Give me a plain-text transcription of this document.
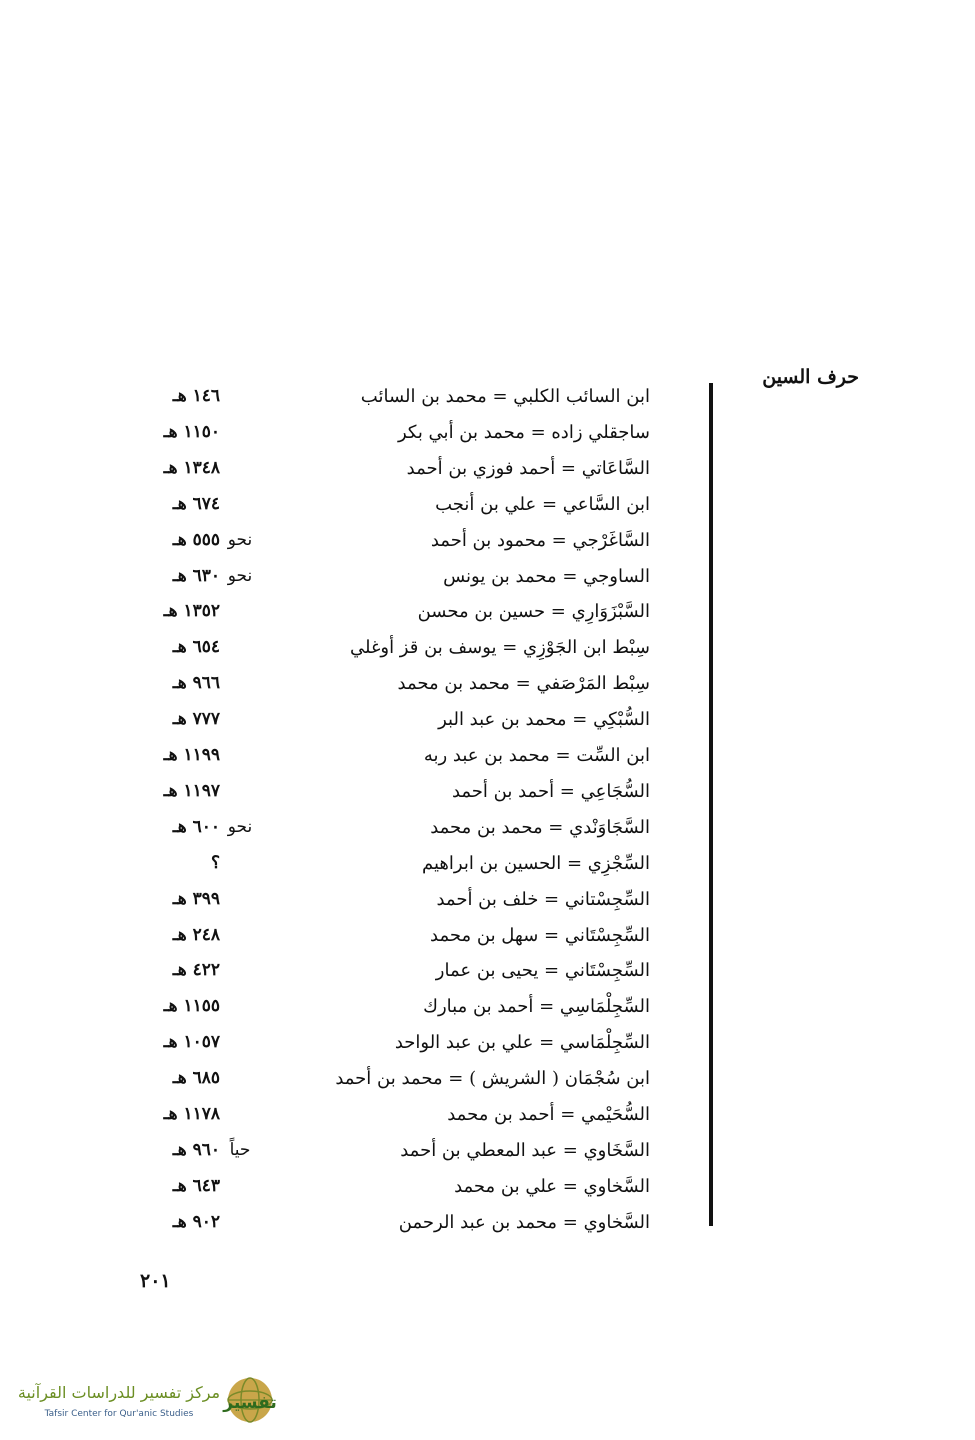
حرف السين
ابن السائب الكلبي = محمد بن السائب
١٤٦ هـ
ساجقلي زاده = محمد بن أبي بكر
١١٥٠ هـ
السَّاعَاتي = أحمد فوزي بن أحمد
١٣٤٨ هـ
ابن السَّاعي = علي بن أنجب
٦٧٤ هـ
السَّاغَرْجي = محمود بن أحمد
نحو
٥٥٥ هـ
الساوجي = محمد بن يونس
نحو
٦٣٠ هـ
السَّبْزَوَارِي = حسين بن محسن
١٣٥٢ هـ
سِبْط ابن الجَوْزِي = يوسف بن قز أوغلي
٦٥٤ هـ
سِبْط المَرْصَفي = محمد بن محمد
٩٦٦ هـ
السُّبْكِي = محمد بن عبد البر
٧٧٧ هـ
ابن السِّت = محمد بن عبد ربه
١١٩٩ هـ
السُّجَاعِي = أحمد بن أحمد
١١٩٧ هـ
السَّجَاوَنْدي = محمد بن محمد
نحو
٦٠٠ هـ
السِّجْزِي = الحسين بن ابراهيم
؟
السِّجِسْتاني = خلف بن أحمد
٣٩٩ هـ
السِّجِسْتَاني = سهل بن محمد
٢٤٨ هـ
السِّجِسْتَاني = يحيى بن عمار
٤٢٢ هـ
السِّجِلْمَاسِي = أحمد بن مبارك
١١٥٥ هـ
السِّجِلْمَاسي = علي بن عبد الواحد
١٠٥٧ هـ
ابن سُجْمَان ( الشريش ) = محمد بن أحمد
٦٨٥ هـ
السُّحَيْمي = أحمد بن محمد
١١٧٨ هـ
السَّخَاوي = عبد المعطي بن أحمد
حياً
٩٦٠ هـ
السَّخاوي = علي بن محمد
٦٤٣ هـ
السَّخاوي = محمد بن عبد الرحمن
٩٠٢ هـ
٢٠١
تفسير
مركز تفسير للدراسات القرآنية
Tafsir Center for Qur'anic Studies
